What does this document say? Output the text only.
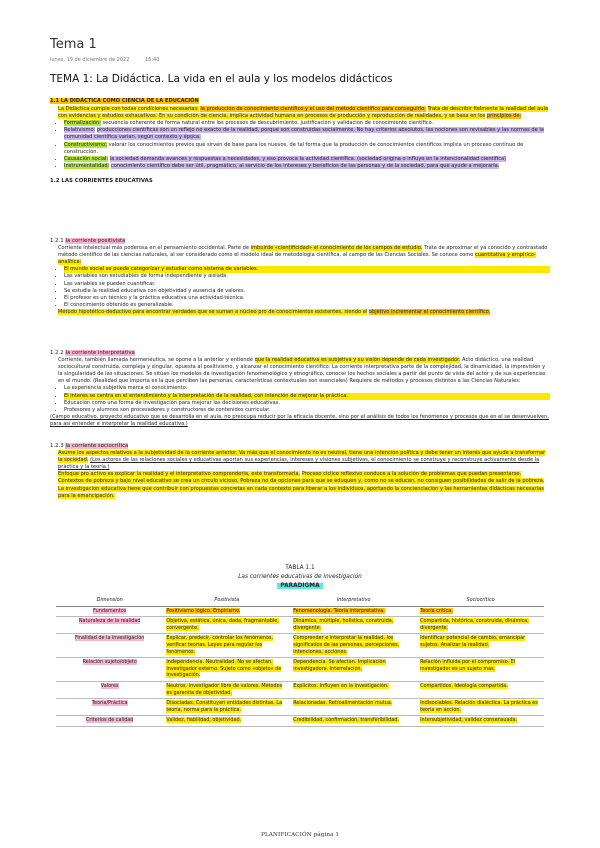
Tema 1
lunes, 19 de diciembre de 2022	16:40
TEMA 1: La Didáctica. La vida en el aula y los modelos didácticos

1.1 LA DIDÁCTICA COMO CIENCIA DE LA EDUCACIÓN

La Didáctica cumple con todas condiciones necesarias: la producción de conocimiento científico y el uso del método científico para conseguirlo. Trata de describir fielmente la realidad del aula con evidencias y estudios exhaustivos. En su condición de ciencia, implica actividad humana en procesos de producción y reproducción de realidades, y se basa en los principios de:

• Formalización: secuencia coherente de forma natural entre los procesos de descubrimiento, justificación y validación de conocimiento científico.
• Relativismo: producciones científicas son un reflejo no exacto de la realidad, porque son construidas socialmente. No hay criterios absolutos, las nociones son revisables y las normas de la comunidad científica varían, según contexto y época.
• Constructivismo: valorar los conocimientos previos que sirven de base para los nuevos, de tal forma que la producción de conocimientos científicos implica un proceso continuo de construcción.
• Causación social: la sociedad demanda avances y respuestas a necesidades, y eso provoca la actividad científica. (sociedad origina o influye en la intencionalidad científica)
• Instrumentalidad: conocimiento científico debe ser útil, pragmático, al servicio de los intereses y beneficios de las personas y de la sociedad, para que ayude a mejorarla.

1.2 LAS CORRIENTES EDUCATIVAS

1.2.1 la corriente positivista

Corriente intelectual más poderosa en el pensamiento occidental. Parte de imbuirde «cientificidad» el conocimiento de los campos de estudio. Trata de aproximar el ya conocido y contrastado método científico de las ciencias naturales, al ser considerado como el modelo ideal de metodología científica, al campo de las Ciencias Sociales. Se conoce como cuantitativa y empírico-analítica:

• El mundo social se puede categorizar y estudiar como sistema de variables.
• Las variables son estudiables de forma independiente y aislada.
• Las variables se pueden cuantificar.
• Se estudia la realidad educativa con objetividad y ausencia de valores.
• El profesor es un técnico y la práctica educativa una actividad técnica.
• El conocimiento obtenido es generalizable.

Método hipotético-deductivo para encontrar verdades que se suman a núcleo pro de conocimientos existentes, siendo el objetivo incrementar el conocimiento científico.

1.2.2 la corriente interpretativa

Corriente, también llamada hermenéutica, se opone a la anterior y entiende que la realidad educativa es subjetiva y su visión depende de cada investigador. Acto didáctico, una realidad sociocultural construida, compleja y singular, opuesta al positivismo, y alcanzar el conocimiento científico. La corriente interpretativa parte de la complejidad, la dinamicidad, la imprevisión y la singularidad de las situaciones. Se sitúan los modelos de investigación fenomenológico y etnográfico, conocer los hechos sociales a partir del punto de vista del actor y de sus experiencias en el mundo. (Realidad que importa es la que perciben las personas, características contextuales son esenciales) Requiere de métodos y procesos distintos a las Ciencias Naturales:

• La experiencia subjetiva marca el conocimiento.
• El interés se centra en el entendimiento y la interpretación de la realidad, con intención de mejorar la práctica.
• Educación como una forma de investigación para mejorar las decisiones educativas.
• Profesores y alumnos son procesadores y constructores de contenidos curricular.

(Campo educativo, proyecto educativo que se desarrolla en el aula, no preocupa reducir por la eficacia docente, sino por el análisis de todos los fenómenos y procesos que en el se desenvuelven, para así entender e interpretar la realidad educativa.)

1.2.3 la corriente sociocrítica

Asume los aspectos relativos a la subjetividad de la corriente anterior. Va más que el conocimiento no es neutral, tiene una intención política y debe tener un interés que ayude a transformar la sociedad. (Los actores de las relaciones sociales y educativas aportan sus experiencias, intereses y visiones subjetivas, el conocimiento se construye y reconstruye activamente desde la práctica y la teoría.)

Enfoque pro activo es explicar la realidad y el interpretativo comprenderla, este transformarla. Proceso cíclico reflexivo conduce a la solución de problemas que puedan presentarse.

Contextos de pobreza y bajo nivel educativo se crea un círculo vicioso. Pobreza no da opciones para que se eduquen y, como no se educan, no consiguen posibilidades de salir de la pobreza. La investigación educativa tiene que contribuir con propuestas concretas en cada contexto para liberar a los individuos, aportando la concienciación y las herramientas didácticas necesarias para la emancipación.

TABLA 1.1
Las corrientes educativas de investigación
PARADIGMA
Dimensión	Positivista	Interpretativo	Sociocrítico
Fundamentos	Positivismo lógico. Empirismo.	Fenomenología. Teoría interpretativa.	Teoría crítica.
Naturaleza de la realidad	Objetiva, estática, única, dada, fragmentable, convergente.	Dinámica, múltiple, holística, construida, divergente.	Compartida, histórica, construida, dinámica, divergente.
Finalidad de la investigación	Explicar, predecir, controlar los fenómenos, verificar teorías. Leyes para regular los fenómenos.	Comprender e interpretar la realidad, los significados de las personas, percepciones, intenciones, acciones.	Identificar potencial de cambio, emancipar sujetos. Analizar la realidad.
Relación sujeto/objeto	Independencia. Neutralidad. No se afectan. Investigador externo. Sujeto como «objeto» de investigación.	Dependencia. Se afectan. Implicación investigadora. Interrelación.	Relación influida por el compromiso. El investigador es un sujeto más.
Valores	Neutros. Investigador libre de valores. Métodos es garantía de objetividad.	Explícitos. Influyen en la investigación.	Compartidos. Ideología compartida.
Teoría/Práctica	Disociadas. Constituyen entidades distintas. La teoría, norma para la práctica.	Relacionadas. Retroalimentación mutua.	Indisociables. Relación dialéctica. La práctica es teoría en acción.
Criterios de calidad	Validez, fiabilidad, objetividad.	Credibilidad, confirmación, transferibilidad.	Intersubjetividad, validez consensuada.
PLANIFICACIÓN página 1
